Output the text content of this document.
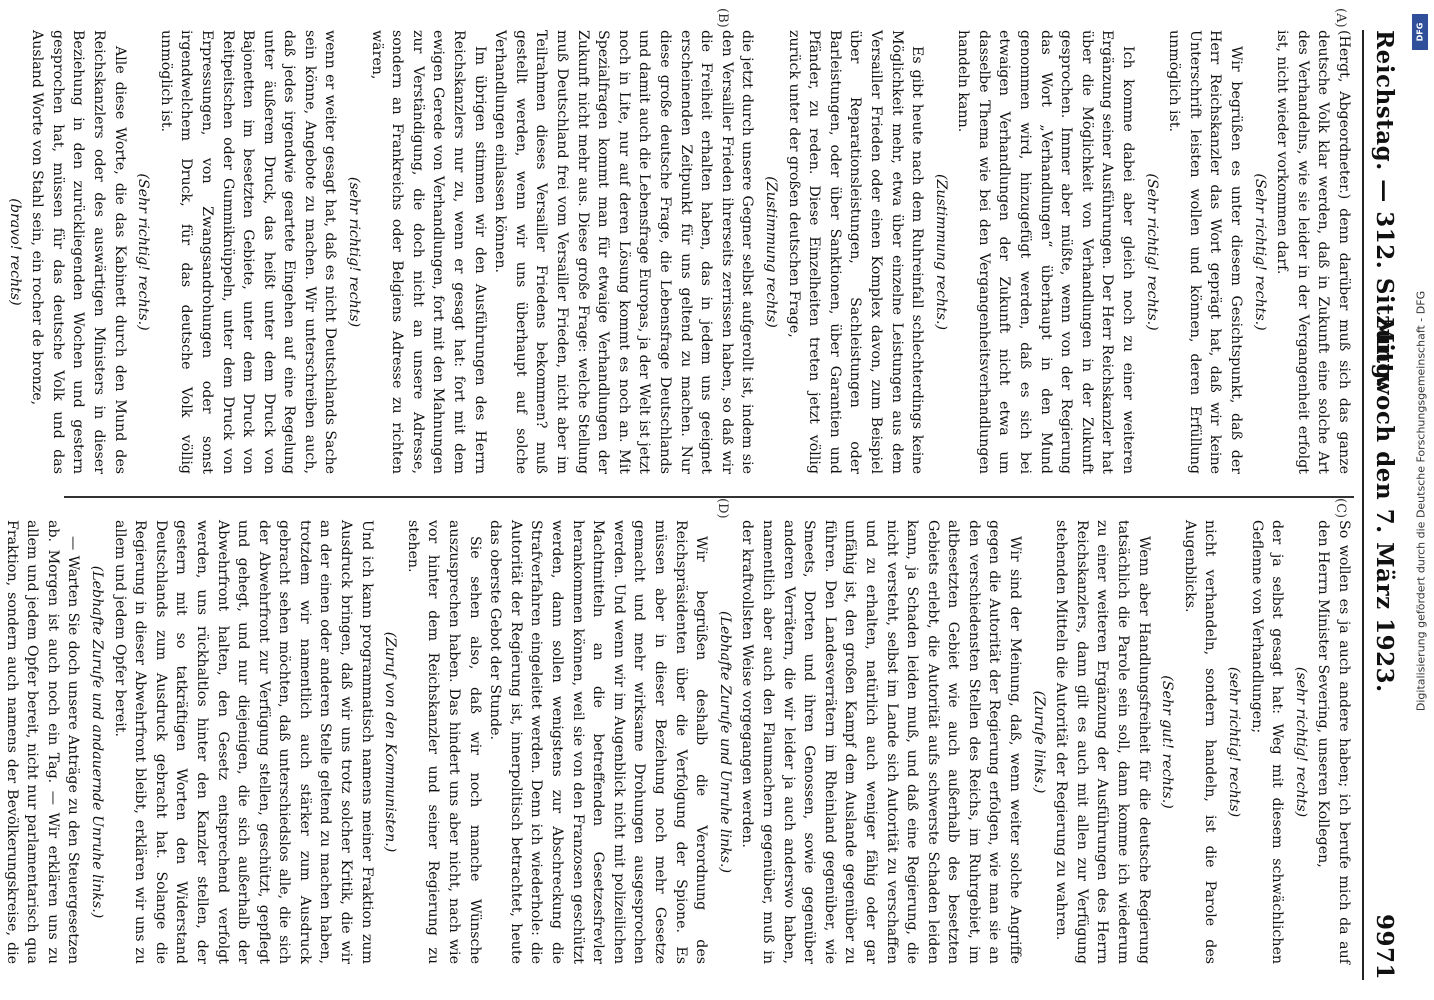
Reichstag. — 312. Sitzung.
Mittwoch den 7. März 1923.
9971
(A)
(B)
(C)
(D)

(Hergt, Abgeordneter.) denn darüber muß sich das ganze deutsche Volk klar werden, daß in Zukunft eine solche Art des Verhandelns, wie sie leider in der Vergangenheit erfolgt ist, nicht wieder vorkommen darf.

(Sehr richtig! rechts.)

Wir begrüßen es unter diesem Gesichtspunkt, daß der Herr Reichskanzler das Wort geprägt hat, daß wir keine Unterschrift leisten wollen und können, deren Erfüllung unmöglich ist.

(Sehr richtig! rechts.)

Ich komme dabei aber gleich noch zu einer weiteren Ergänzung seiner Ausführungen. Der Herr Reichskanzler hat über die Möglichkeit von Verhandlungen in der Zukunft gesprochen. Immer aber müßte, wenn von der Regierung das Wort „Verhandlungen“ überhaupt in den Mund genommen wird, hinzugefügt werden, daß es sich bei etwaigen Verhandlungen der Zukunft nicht etwa um dasselbe Thema wie bei den Vergangenheitsverhandlungen handeln kann.

(Zustimmung rechts.)

Es gibt heute nach dem Ruhreinfall schlechterdings keine Möglichkeit mehr, etwa über einzelne Leistungen aus dem Versailler Frieden oder einen Komplex davon, zum Beispiel über Reparationsleistungen, Sachleistungen oder Barleistungen, oder über Sanktionen, über Garantien und Pfänder, zu reden. Diese Einzelheiten treten jetzt völlig zurück unter der großen deutschen Frage,

(Zustimmung rechts)

die jetzt durch unsere Gegner selbst aufgerollt ist, indem sie den Versailler Frieden ihrerseits zerrissen haben, so daß wir die Freiheit erhalten haben, das in jedem uns geeignet erscheinenden Zeitpunkt für uns geltend zu machen. Nur diese große deutsche Frage, die Lebensfrage Deutschlands und damit auch die Lebensfrage Europas, ja der Welt ist jetzt noch in Lite, nur auf deren Lösung kommt es noch an. Mit Spezialfragen kommt man für etwaige Verhandlungen der Zukunft nicht mehr aus. Diese große Frage: welche Stellung muß Deutschland frei vom Versailler Frieden, nicht aber im Teilrahmen dieses Versailler Friedens bekommen? muß gestellt werden, wenn wir uns überhaupt auf solche Verhandlungen einlassen können.

Im übrigen stimmen wir den Ausführungen des Herrn Reichskanzlers nur zu, wenn er gesagt hat: fort mit dem ewigen Gerede von Verhandlungen, fort mit den Mahnungen zur Verständigung, die doch nicht an unsere Adresse, sondern an Frankreichs oder Belgiens Adresse zu richten wären,

(sehr richtig! rechts)

wenn er weiter gesagt hat, daß es nicht Deutschlands Sache sein könne, Angebote zu machen. Wir unterschreiben auch, daß jedes irgendwie geartete Eingehen auf eine Regelung unter äußerem Druck, das heißt unter dem Druck von Bajonetten im besetzten Gebiete, unter dem Druck von Reitpeitschen oder Gummiknüppeln, unter dem Druck von Erpressungen, von Zwangsandrohungen oder sonst irgendwelchem Druck, für das deutsche Volk völlig unmöglich ist.

(Sehr richtig! rechts.)

Alle diese Worte, die das Kabinett durch den Mund des Reichskanzlers oder des auswärtigen Ministers in dieser Beziehung in den zurückliegenden Wochen und gestern gesprochen hat, müssen für das deutsche Volk und das Ausland Worte von Stahl sein, ein rocher de bronze,

(bravo! rechts)

So wollen es ja auch andere haben; ich berufe mich da auf den Herrn Minister Severing, unseren Kollegen,

(sehr richtig! rechts)

der ja selbst gesagt hat: Weg mit diesem schwächlichen Geflenne von Verhandlungen;

(sehr richtig! rechts)

nicht verhandeln, sondern handeln, ist die Parole des Augenblicks.

(Sehr gut! rechts.)

Wenn aber Handlungsfreiheit für die deutsche Regierung tatsächlich die Parole sein soll, dann komme ich wiederum zu einer weiteren Ergänzung der Ausführungen des Herrn Reichskanzlers, dann gilt es auch mit allen zur Verfügung stehenden Mitteln die Autorität der Regierung zu wahren.

(Zurufe links.)

Wir sind der Meinung, daß, wenn weiter solche Angriffe gegen die Autorität der Regierung erfolgen, wie man sie an den verschiedensten Stellen des Reichs, im Ruhrgebiet, im altbesetzten Gebiet wie auch außerhalb des besetzten Gebiets erlebt, die Autorität aufs schwerste Schaden leiden kann, ja Schaden leiden muß, und daß eine Regierung, die nicht versteht, selbst im Lande sich Autorität zu verschaffen und zu erhalten, natürlich auch weniger fähig oder gar unfähig ist, den großen Kampf dem Auslande gegenüber zu führen. Den Landesverrätern im Rheinland gegenüber, wie Smeets, Dorten und ihren Genossen, sowie gegenüber anderen Verrätern, die wir leider ja auch anderswo haben, namentlich aber auch den Flaumachern gegenüber, muß in der kraftvollsten Weise vorgegangen werden.

(Lebhafte Zurufe und Unruhe links.)

Wir begrüßen deshalb die Verordnung des Reichspräsidenten über die Verfolgung der Spione. Es müssen aber in dieser Beziehung noch mehr Gesetze gemacht und mehr wirksame Drohungen ausgesprochen werden. Und wenn wir im Augenblick nicht mit polizeilichen Machtmitteln an die betreffenden Gesetzesfrevler herankommen können, weil sie von den Franzosen geschützt werden, dann sollen wenigstens zur Abschreckung die Strafverfahren eingeleitet werden. Denn ich wiederhole: die Autorität der Regierung ist, innerpolitisch betrachtet, heute das oberste Gebot der Stunde.

Sie sehen also, daß wir noch manche Wünsche auszusprechen haben. Das hindert uns aber nicht, nach wie vor hinter dem Reichskanzler und seiner Regierung zu stehen.

(Zuruf von den Kommunisten.)

Und ich kann programmatisch namens meiner Fraktion zum Ausdruck bringen, daß wir uns trotz solcher Kritik, die wir an der einen oder anderen Stelle geltend zu machen haben, trotzdem wir namentlich auch stärker zum Ausdruck gebracht sehen möchten, daß unterschiedslos alle, die sich der Abwehrfront zur Verfügung stellen, geschützt, gepflegt und gehegt, und nur diejenigen, die sich außerhalb der Abwehrfront halten, den Gesetz entsprechend verfolgt werden, uns rückhaltlos hinter den Kanzler stellen, der gestern mit so tatkräftigen Worten den Widerstand Deutschlands zum Ausdruck gebracht hat. Solange die Regierung in dieser Abwehrfront bleibt, erklären wir uns zu allem und jedem Opfer bereit.

(Lebhafte Zurufe und andauernde Unruhe links.)

— Warten Sie doch unsere Anträge zu den Steuergesetzen ab. Morgen ist auch noch ein Tag. — Wir erklären uns zu allem und jedem Opfer bereit, nicht nur parlamentarisch qua Fraktion, sondern auch namens der Bevölkerungskreise, die

DFG
Digitalisierung gefördert durch die Deutsche Forschungsgemeinschaft - DFG
